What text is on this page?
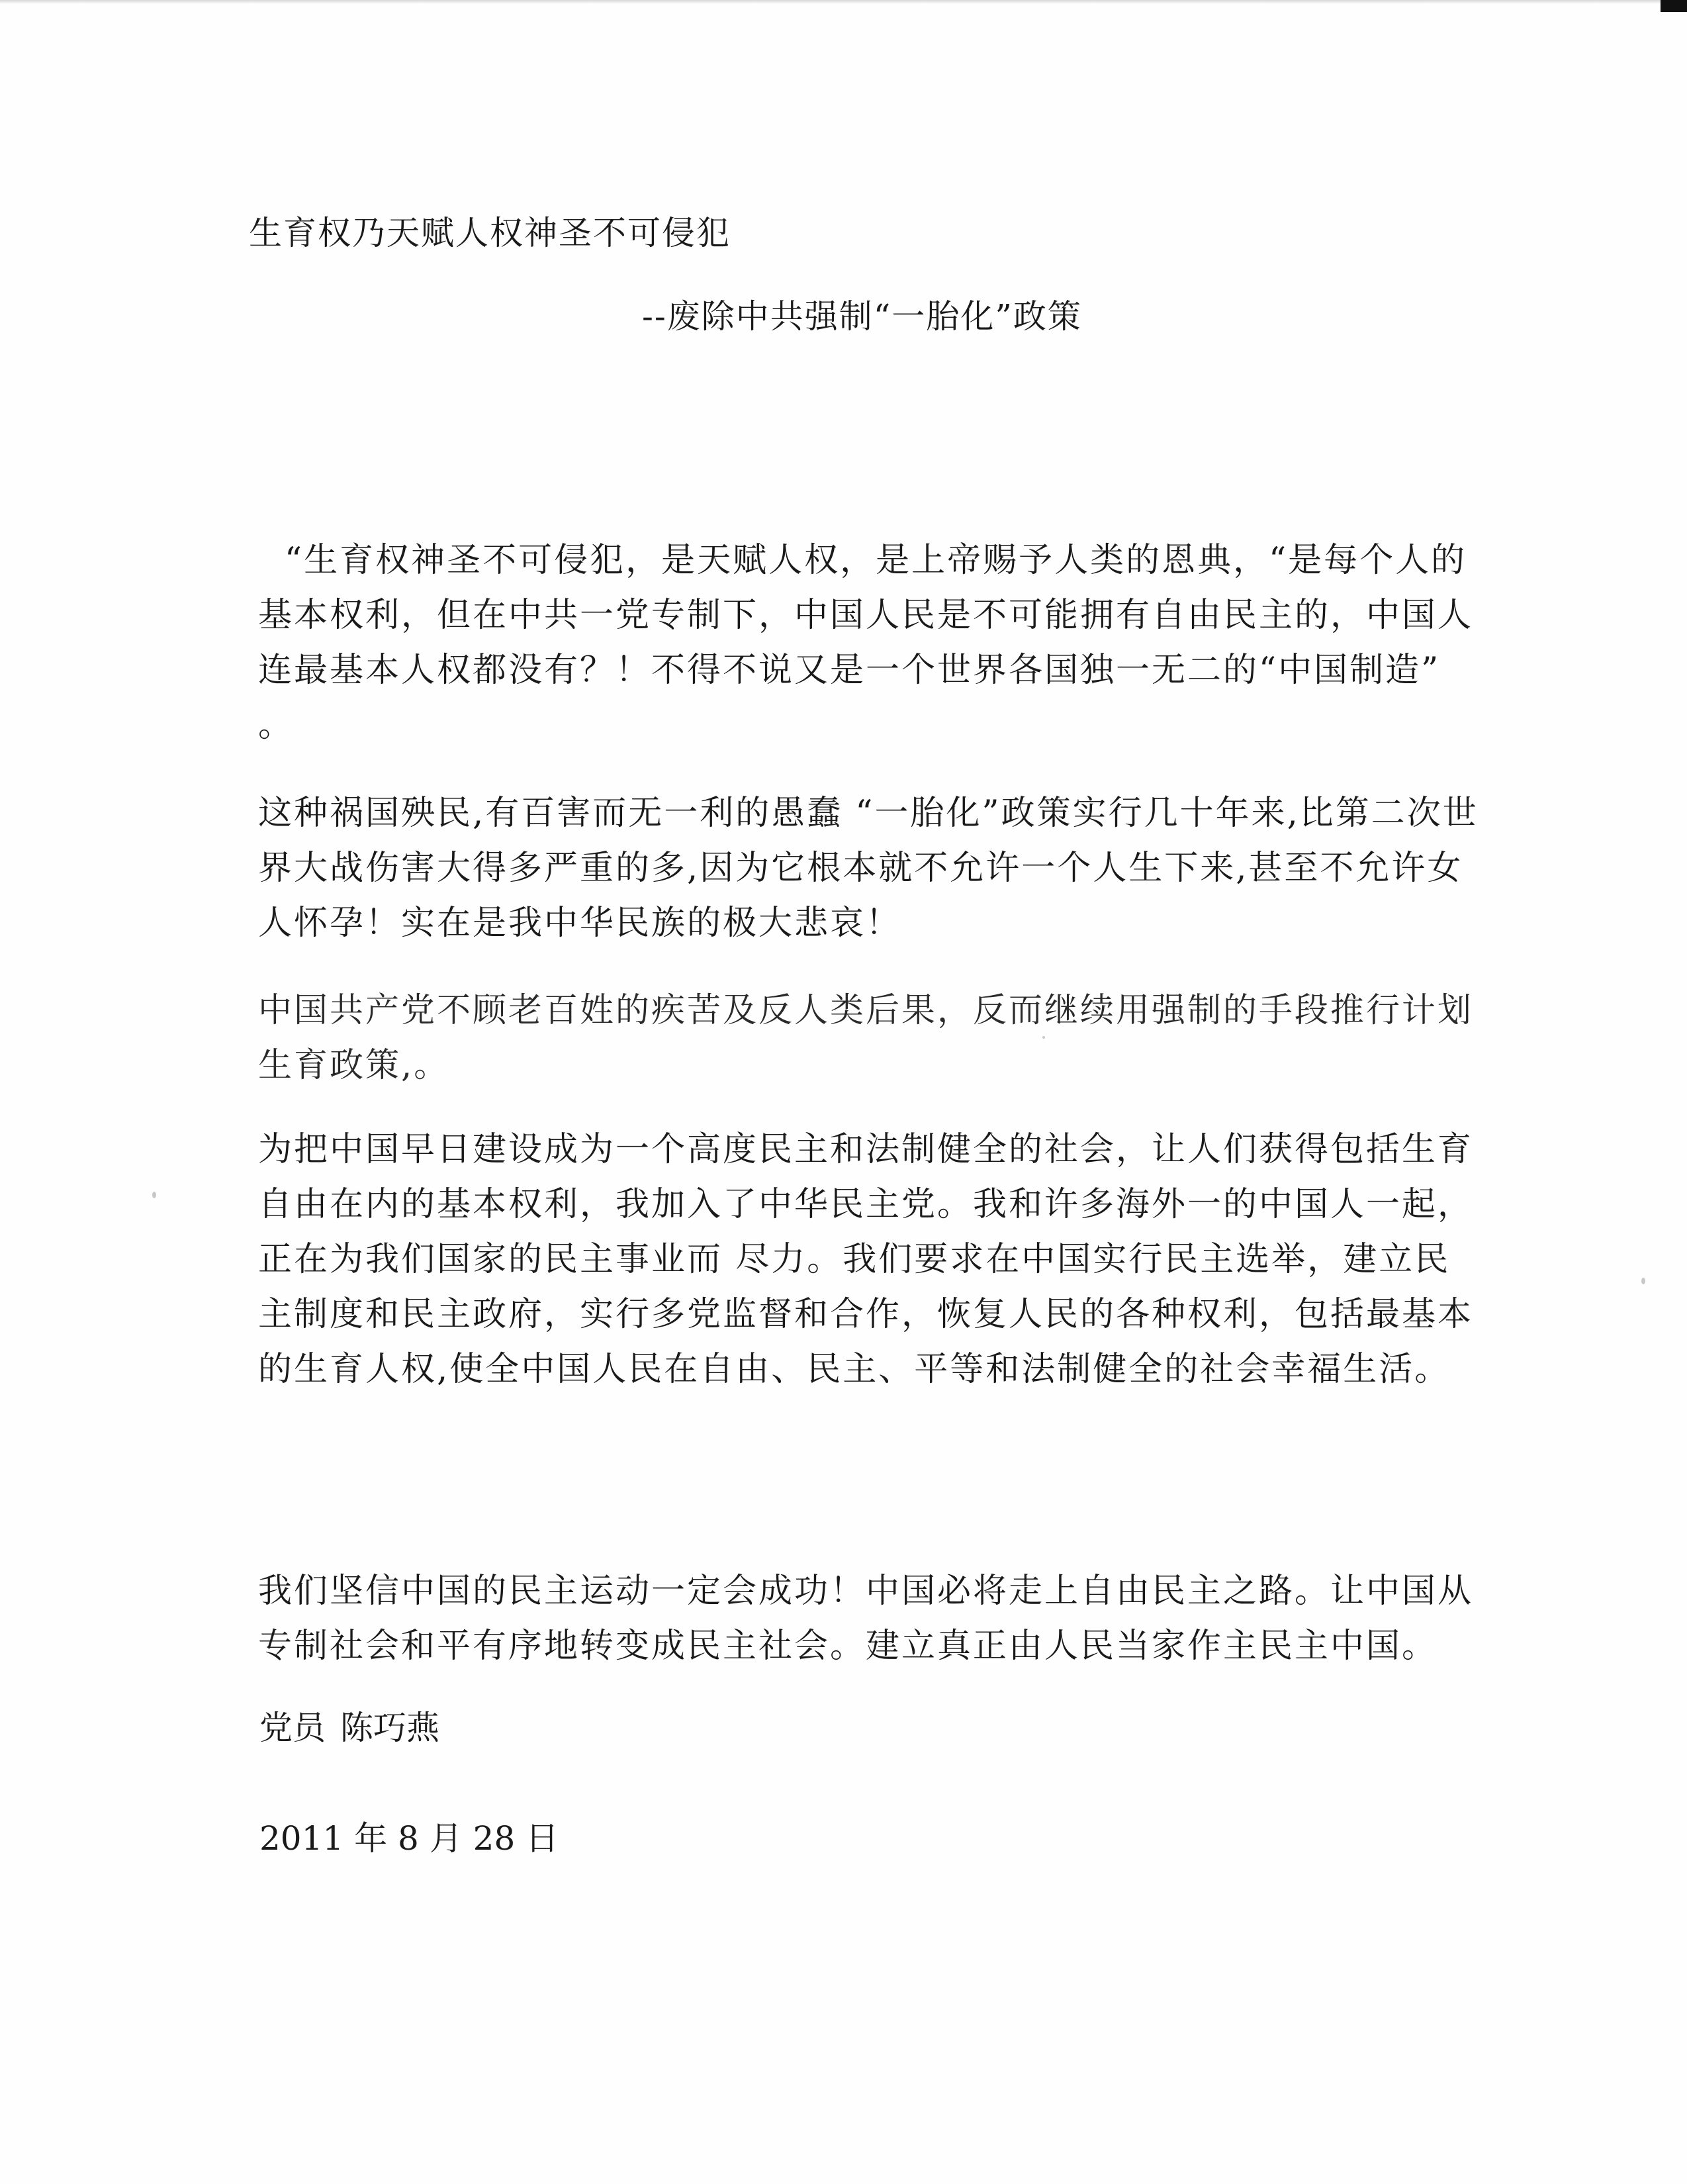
生育权乃天赋人权神圣不可侵犯
--废除中共强制“一胎化”政策

“生育权神圣不可侵犯，是天赋人权，是上帝赐予人类的恩典，“是每个人的基本权利，但在中共一党专制下，中国人民是不可能拥有自由民主的，中国人连最基本人权都没有？！不得不说又是一个世界各国独一无二的“中国制造” 。

这种祸国殃民,有百害而无一利的愚蠢 “一胎化”政策实行几十年来,比第二次世界大战伤害大得多严重的多,因为它根本就不允许一个人生下来,甚至不允许女人怀孕！实在是我中华民族的极大悲哀！

中国共产党不顾老百姓的疾苦及反人类后果，反而继续用强制的手段推行计划生育政策,。

为把中国早日建设成为一个高度民主和法制健全的社会，让人们获得包括生育自由在内的基本权利，我加入了中华民主党。我和许多海外一的中国人一起，正在为我们国家的民主事业而 尽力。我们要求在中国实行民主选举，建立民主制度和民主政府，实行多党监督和合作，恢复人民的各种权利，包括最基本的生育人权,使全中国人民在自由、民主、平等和法制健全的社会幸福生活。

我们坚信中国的民主运动一定会成功！中国必将走上自由民主之路。让中国从专制社会和平有序地转变成民主社会。建立真正由人民当家作主民主中国。

党员 陈巧燕
2011 年 8 月 28 日
